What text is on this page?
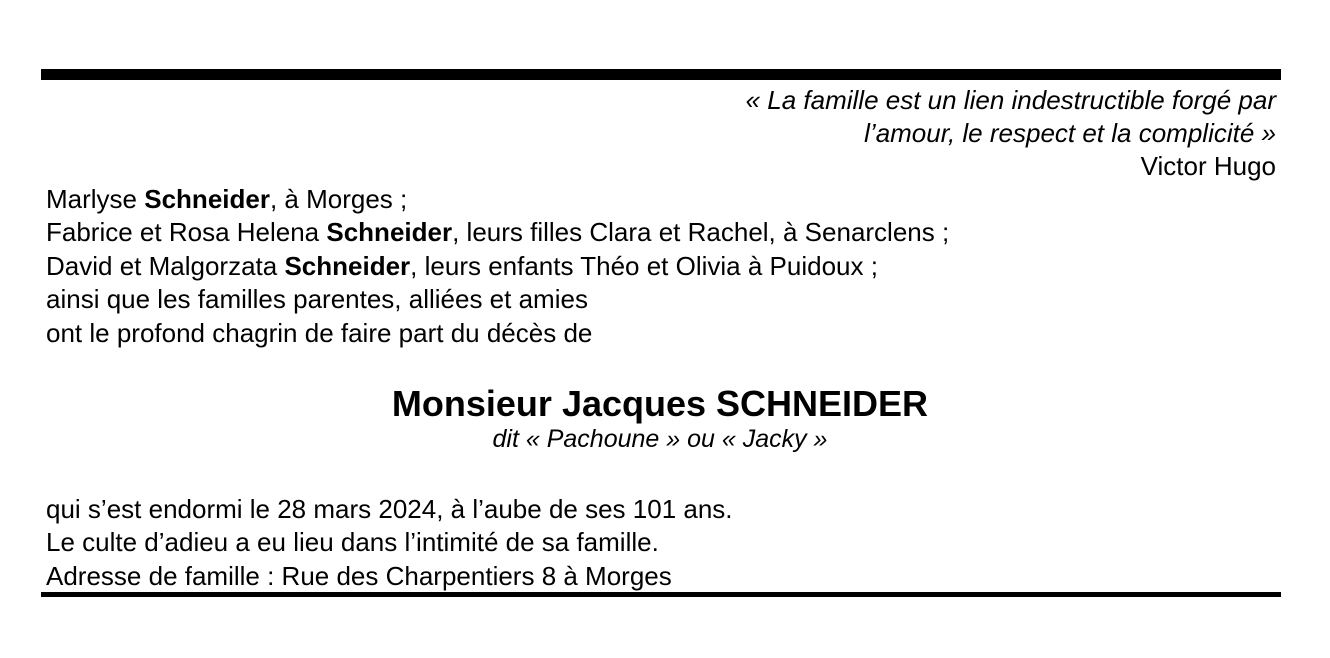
« La famille est un lien indestructible forgé par
l’amour, le respect et la complicité »
Victor Hugo
Marlyse Schneider, à Morges ;
Fabrice et Rosa Helena Schneider, leurs filles Clara et Rachel, à Senarclens ;
David et Malgorzata Schneider, leurs enfants Théo et Olivia à Puidoux ;
ainsi que les familles parentes, alliées et amies
ont le profond chagrin de faire part du décès de
Monsieur Jacques SCHNEIDER
dit « Pachoune » ou « Jacky »
qui s’est endormi le 28 mars 2024, à l’aube de ses 101 ans.
Le culte d’adieu a eu lieu dans l’intimité de sa famille.
Adresse de famille : Rue des Charpentiers 8 à Morges
